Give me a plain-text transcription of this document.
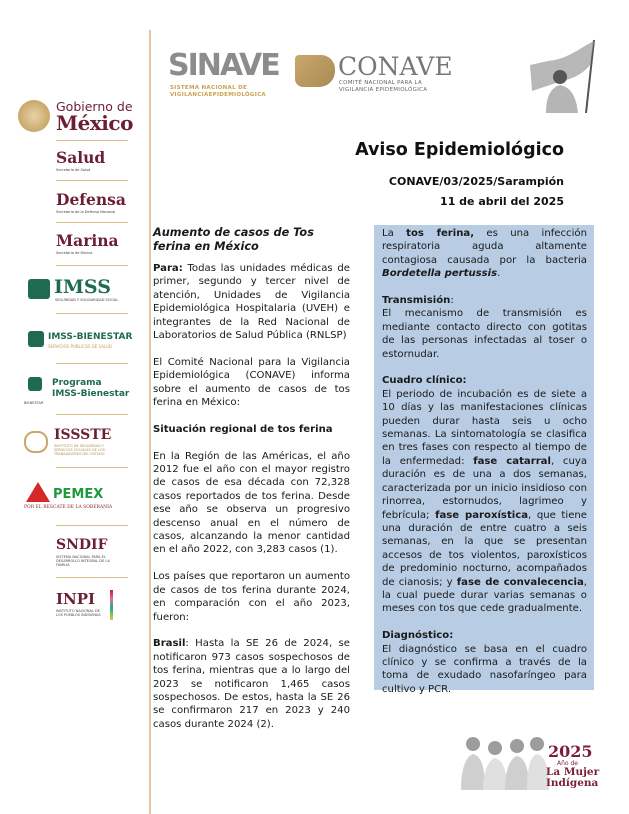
Gobierno de
México
Salud
Secretaría de Salud
Defensa
Secretaría de la Defensa Nacional
Marina
Secretaría de Marina
IMSS
SEGURIDAD Y SOLIDARIDAD SOCIAL
IMSS-BIENESTAR
SERVICIOS PÚBLICOS DE SALUD
Programa
IMSS-Bienestar
BIENESTAR
ISSSTE
INSTITUTO DE SEGURIDAD Y SERVICIOS SOCIALES DE LOS TRABAJADORES DEL ESTADO
PEMEX
POR EL RESCATE DE LA SOBERANÍA
SNDIF
SISTEMA NACIONAL PARA EL DESARROLLO INTEGRAL DE LA FAMILIA
INPI
INSTITUTO NACIONAL DE LOS PUEBLOS INDÍGENAS
SINAVE
SISTEMA NACIONAL DE
VIGILANCIAEPIDEMIOLÓGICA
CONAVE
COMITÉ NACIONAL PARA LA
VIGILANCIA EPIDEMIOLÓGICA
Aviso Epidemiológico
CONAVE/03/2025/Sarampión
11 de abril del 2025

Aumento de casos de Tos ferina en México

Para: Todas las unidades médicas de primer, segundo y tercer nivel de atención, Unidades de Vigilancia Epidemiológica Hospitalaria (UVEH) e integrantes de la Red Nacional de Laboratorios de Salud Pública (RNLSP)

El Comité Nacional para la Vigilancia Epidemiológica (CONAVE) informa sobre el aumento de casos de tos ferina en México:

Situación regional de tos ferina

En la Región de las Américas, el año 2012 fue el año con el mayor registro de casos de esa década con 72,328 casos reportados de tos ferina. Desde ese año se observa un progresivo descenso anual en el número de casos, alcanzando la menor cantidad en el año 2022, con 3,283 casos (1).

Los países que reportaron un aumento de casos de tos ferina durante 2024, en comparación con el año 2023, fueron:

Brasil: Hasta la SE 26 de 2024, se notificaron 973 casos sospechosos de tos ferina, mientras que a lo largo del 2023 se notificaron 1,465 casos sospechosos. De estos, hasta la SE 26 se confirmaron 217 en 2023 y 240 casos durante 2024 (2).

La tos ferina, es una infección respiratoria aguda altamente contagiosa causada por la bacteria Bordetella pertussis.

Transmisión:
El mecanismo de transmisión es mediante contacto directo con gotitas de las personas infectadas al toser o estornudar.

Cuadro clínico:
El periodo de incubación es de siete a 10 días y las manifestaciones clínicas pueden durar hasta seis u ocho semanas. La sintomatología se clasifica en tres fases con respecto al tiempo de la enfermedad: fase catarral, cuya duración es de una a dos semanas, caracterizada por un inicio insidioso con rinorrea, estornudos, lagrimeo y febrícula; fase paroxística, que tiene una duración de entre cuatro a seis semanas, en la que se presentan accesos de tos violentos, paroxísticos de predominio nocturno, acompañados de cianosis; y fase de convalecencia, la cual puede durar varias semanas o meses con tos que cede gradualmente.

Diagnóstico:
El diagnóstico se basa en el cuadro clínico y se confirma a través de la toma de exudado nasofaríngeo para cultivo y PCR.

2025
Año de
La Mujer
Indígena
